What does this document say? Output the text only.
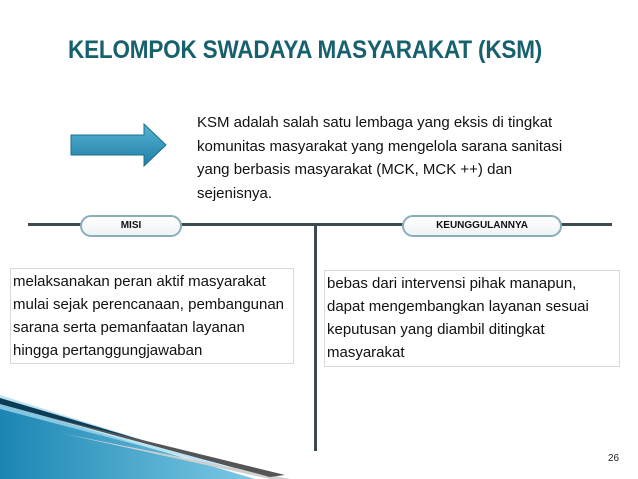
KELOMPOK SWADAYA MASYARAKAT (KSM)
KSM adalah salah satu lembaga yang eksis di tingkat komunitas masyarakat yang mengelola sarana sanitasi yang berbasis masyarakat (MCK, MCK ++) dan sejenisnya.
MISI	KEUNGGULANNYA
melaksanakan peran aktif masyarakat mulai sejak perencanaan, pembangunan sarana serta pemanfaatan layanan hingga pertanggungjawaban
bebas dari intervensi pihak manapun, dapat mengembangkan layanan sesuai keputusan yang diambil ditingkat masyarakat
26
